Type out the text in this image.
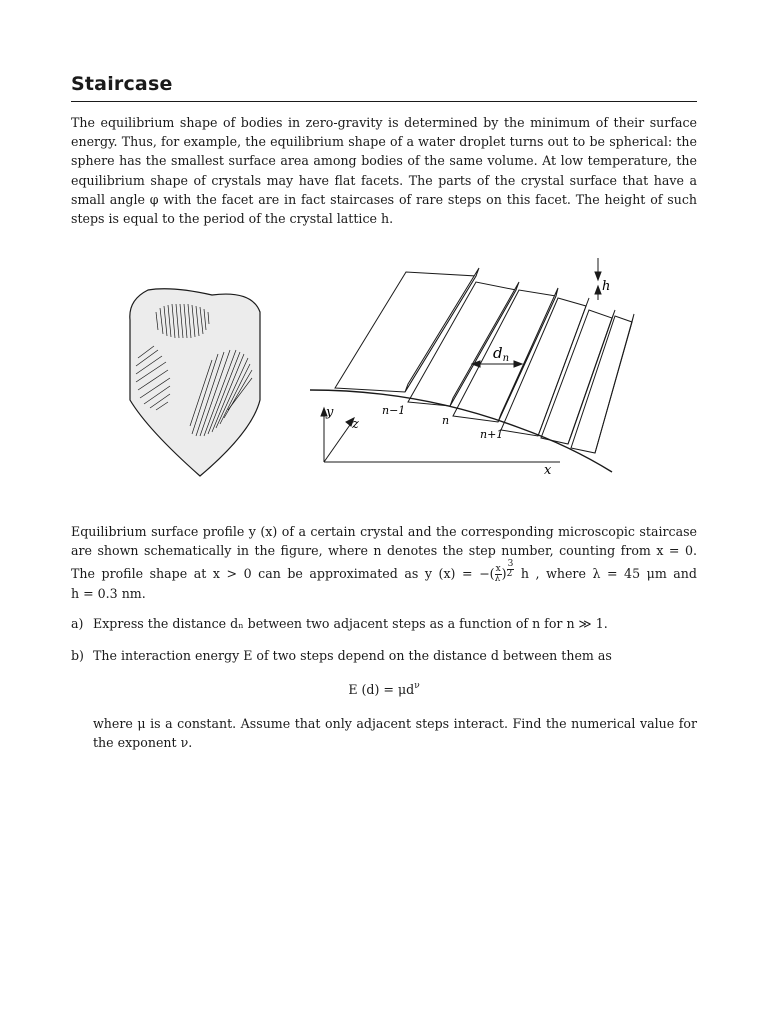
Staircase
The equilibrium shape of bodies in zero-gravity is determined by the minimum of their surface
energy. Thus, for example, the equilibrium shape of a water droplet turns out to be spherical: the
sphere has the smallest surface area among bodies of the same volume. At low temperature, the
equilibrium shape of crystals may have flat facets. The parts of the crystal surface that have a
small angle φ with the facet are in fact staircases of rare steps on this facet. The height of such
steps is equal to the period of the crystal lattice h.
Equilibrium surface profile y (x) of a certain crystal and the corresponding microscopic staircase
are shown schematically in the figure, where n denotes the step number, counting from x = 0.
The profile shape at x > 0 can be approximated as y (x) = −( $\frac{x}{\lambda}$ ) $^{\frac{3}{2}}$ h , where λ = 45 μm and
h = 0.3 nm.
a) Express the distance dₙ between two adjacent steps as a function of n for n ≫ 1.
b) The interaction energy E of two steps depend on the distance d between them as
E $(d) = \mu d^\nu$
where μ is a constant. Assume that only adjacent steps interact. Find the numerical value for
the exponent ν.
h
$d_n$
n−1
n
n+1
y
z
x
